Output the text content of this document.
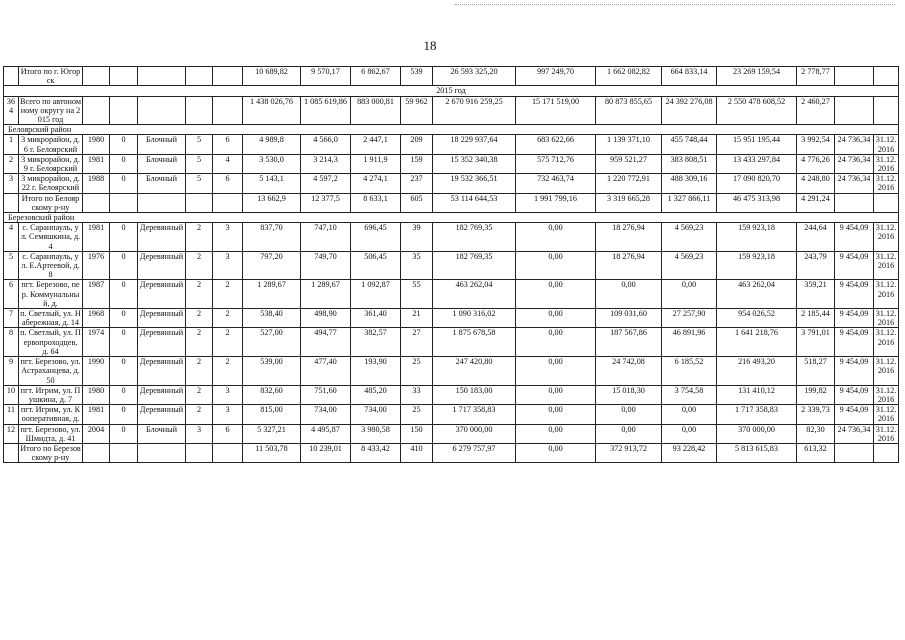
18
	Итого по г. Югорск						10 689,82	9 570,17	6 862,67	539	26 593 325,20	997 249,70	1 662 082,82	664 833,14	23 269 159,54	2 778,77		
2015 год																		
364	Всего по автономному округу на 2015 год						1 438 026,76	1 085 619,86	883 000,81	59 962	2 670 916 259,25	15 171 519,00	80 873 855,65	24 392 276,08	2 550 478 608,52	2 460,27		
Белоярский район																		
1	3 микрорайон, д.6 г. Белоярский	1980	0	Блочный	5	6	4 989,8	4 566,0	2 447,1	209	18 229 937,64	683 622,66	1 139 371,10	455 748,44	15 951 195,44	3 992,54	24 736,34	31.12.2016
2	3 микрорайон, д.9 г. Белоярский	1981	0	Блочный	5	4	3 530,0	3 214,3	1 911,9	159	15 352 340,38	575 712,76	959 521,27	383 808,51	13 433 297,84	4 776,26	24 736,34	31.12.2016
3	3 микрорайон, д.22 г. Белоярский	1988	0	Блочный	5	6	5 143,1	4 597,2	4 274,1	237	19 532 366,51	732 463,74	1 220 772,91	488 309,16	17 090 820,70	4 248,80	24 736,34	31.12.2016
	Итого по Белоярскому р-ну						13 662,9	12 377,5	8 633,1	605	53 114 644,53	1 991 799,16	3 319 665,28	1 327 866,11	46 475 313,98	4 291,24		
Березовский район																		
4	с. Саранпауль, ул. Семяшкина, д. 4	1981	0	Деревянный	2	3	837,70	747,10	696,45	39	182 769,35	0,00	18 276,94	4 569,23	159 923,18	244,64	9 454,09	31.12.2016
5	с. Саранпауль, ул. Е.Артеевой, д. 8	1976	0	Деревянный	2	3	797,20	749,70	506,45	35	182 769,35	0,00	18 276,94	4 569,23	159 923,18	243,79	9 454,09	31.12.2016
6	пгт. Березово, пер. Коммунальный, д.	1987	0	Деревянный	2	2	1 289,67	1 289,67	1 092,87	55	463 262,04	0,00	0,00	0,00	463 262,04	359,21	9 454,09	31.12.2016
7	п. Светлый, ул. Набережная, д. 14	1968	0	Деревянный	2	2	538,40	498,90	361,40	21	1 090 316,02	0,00	109 031,60	27 257,90	954 026,52	2 185,44	9 454,09	31.12.2016
8	п. Светлый, ул. Первопроходцев, д. 64	1974	0	Деревянный	2	2	527,00	494,77	382,57	27	1 875 678,58	0,00	187 567,86	46 891,96	1 641 218,76	3 791,01	9 454,09	31.12.2016
9	пгт. Березово, ул. Астраханцева, д. 50	1990	0	Деревянный	2	2	539,00	477,40	193,90	25	247 420,80	0,00	24 742,08	6 185,52	216 493,20	518,27	9 454,09	31.12.2016
10	пгт. Игрим, ул. Пушкина, д. 7	1980	0	Деревянный	2	3	832,60	751,60	485,20	33	150 183,00	0,00	15 018,30	3 754,58	131 410,12	199,82	9 454,09	31.12.2016
11	пгт. Игрим, ул. Кооперативная, д.	1981	0	Деревянный	2	3	815,00	734,00	734,00	25	1 717 358,83	0,00	0,00	0,00	1 717 358,83	2 339,73	9 454,09	31.12.2016
12	пгт. Березово, ул. Шмидта, д. 41	2004	0	Блочный	3	6	5 327,21	4 495,87	3 980,58	150	370 000,00	0,00	0,00	0,00	370 000,00	82,30	24 736,34	31.12.2016
	Итого по Березовскому р-ну						11 503,78	10 239,01	8 433,42	410	6 279 757,97	0,00	372 913,72	93 228,42	5 813 615,83	613,32		
